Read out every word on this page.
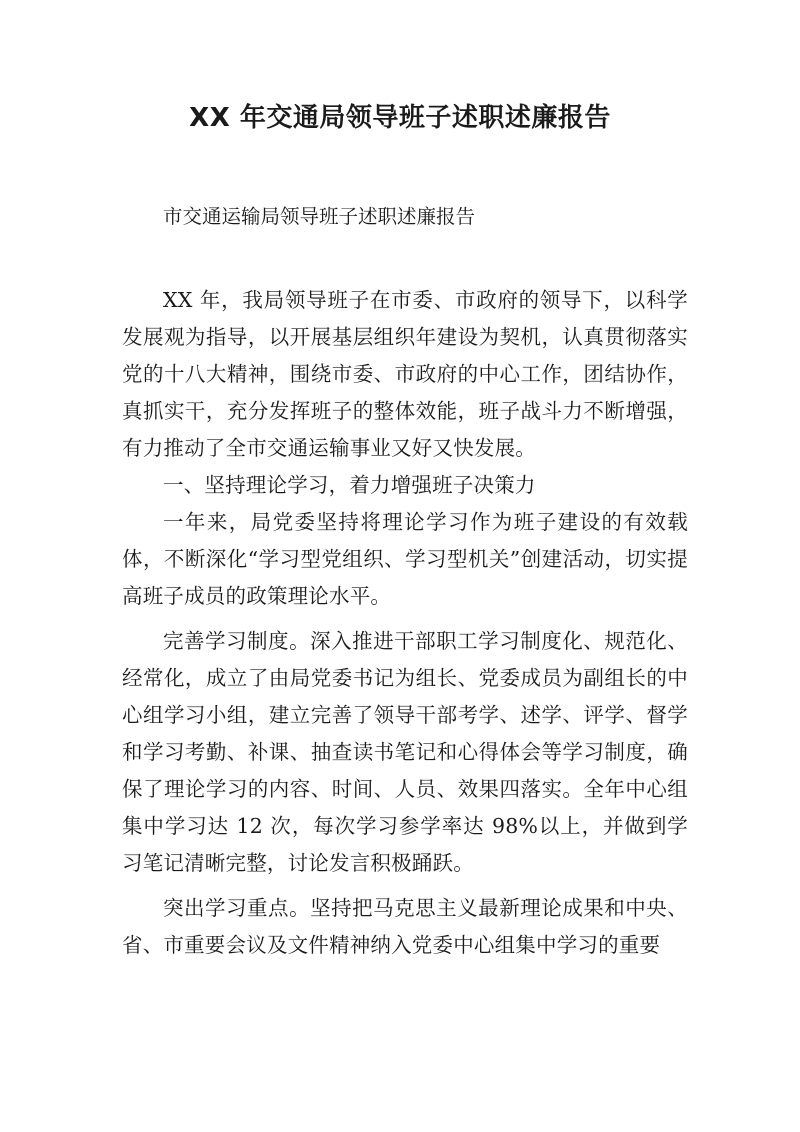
XX 年交通局领导班子述职述廉报告

市交通运输局领导班子述职述廉报告

XX 年，我局领导班子在市委、市政府的领导下，以科学发展观为指导，以开展基层组织年建设为契机，认真贯彻落实党的十八大精神，围绕市委、市政府的中心工作，团结协作，真抓实干，充分发挥班子的整体效能，班子战斗力不断增强，有力推动了全市交通运输事业又好又快发展。

一、坚持理论学习，着力增强班子决策力

一年来，局党委坚持将理论学习作为班子建设的有效载体，不断深化“学习型党组织、学习型机关”创建活动，切实提高班子成员的政策理论水平。

完善学习制度。深入推进干部职工学习制度化、规范化、经常化，成立了由局党委书记为组长、党委成员为副组长的中心组学习小组，建立完善了领导干部考学、述学、评学、督学和学习考勤、补课、抽查读书笔记和心得体会等学习制度，确保了理论学习的内容、时间、人员、效果四落实。全年中心组集中学习达 12 次，每次学习参学率达 98%以上，并做到学习笔记清晰完整，讨论发言积极踊跃。

突出学习重点。坚持把马克思主义最新理论成果和中央、省、市重要会议及文件精神纳入党委中心组集中学习的重要
